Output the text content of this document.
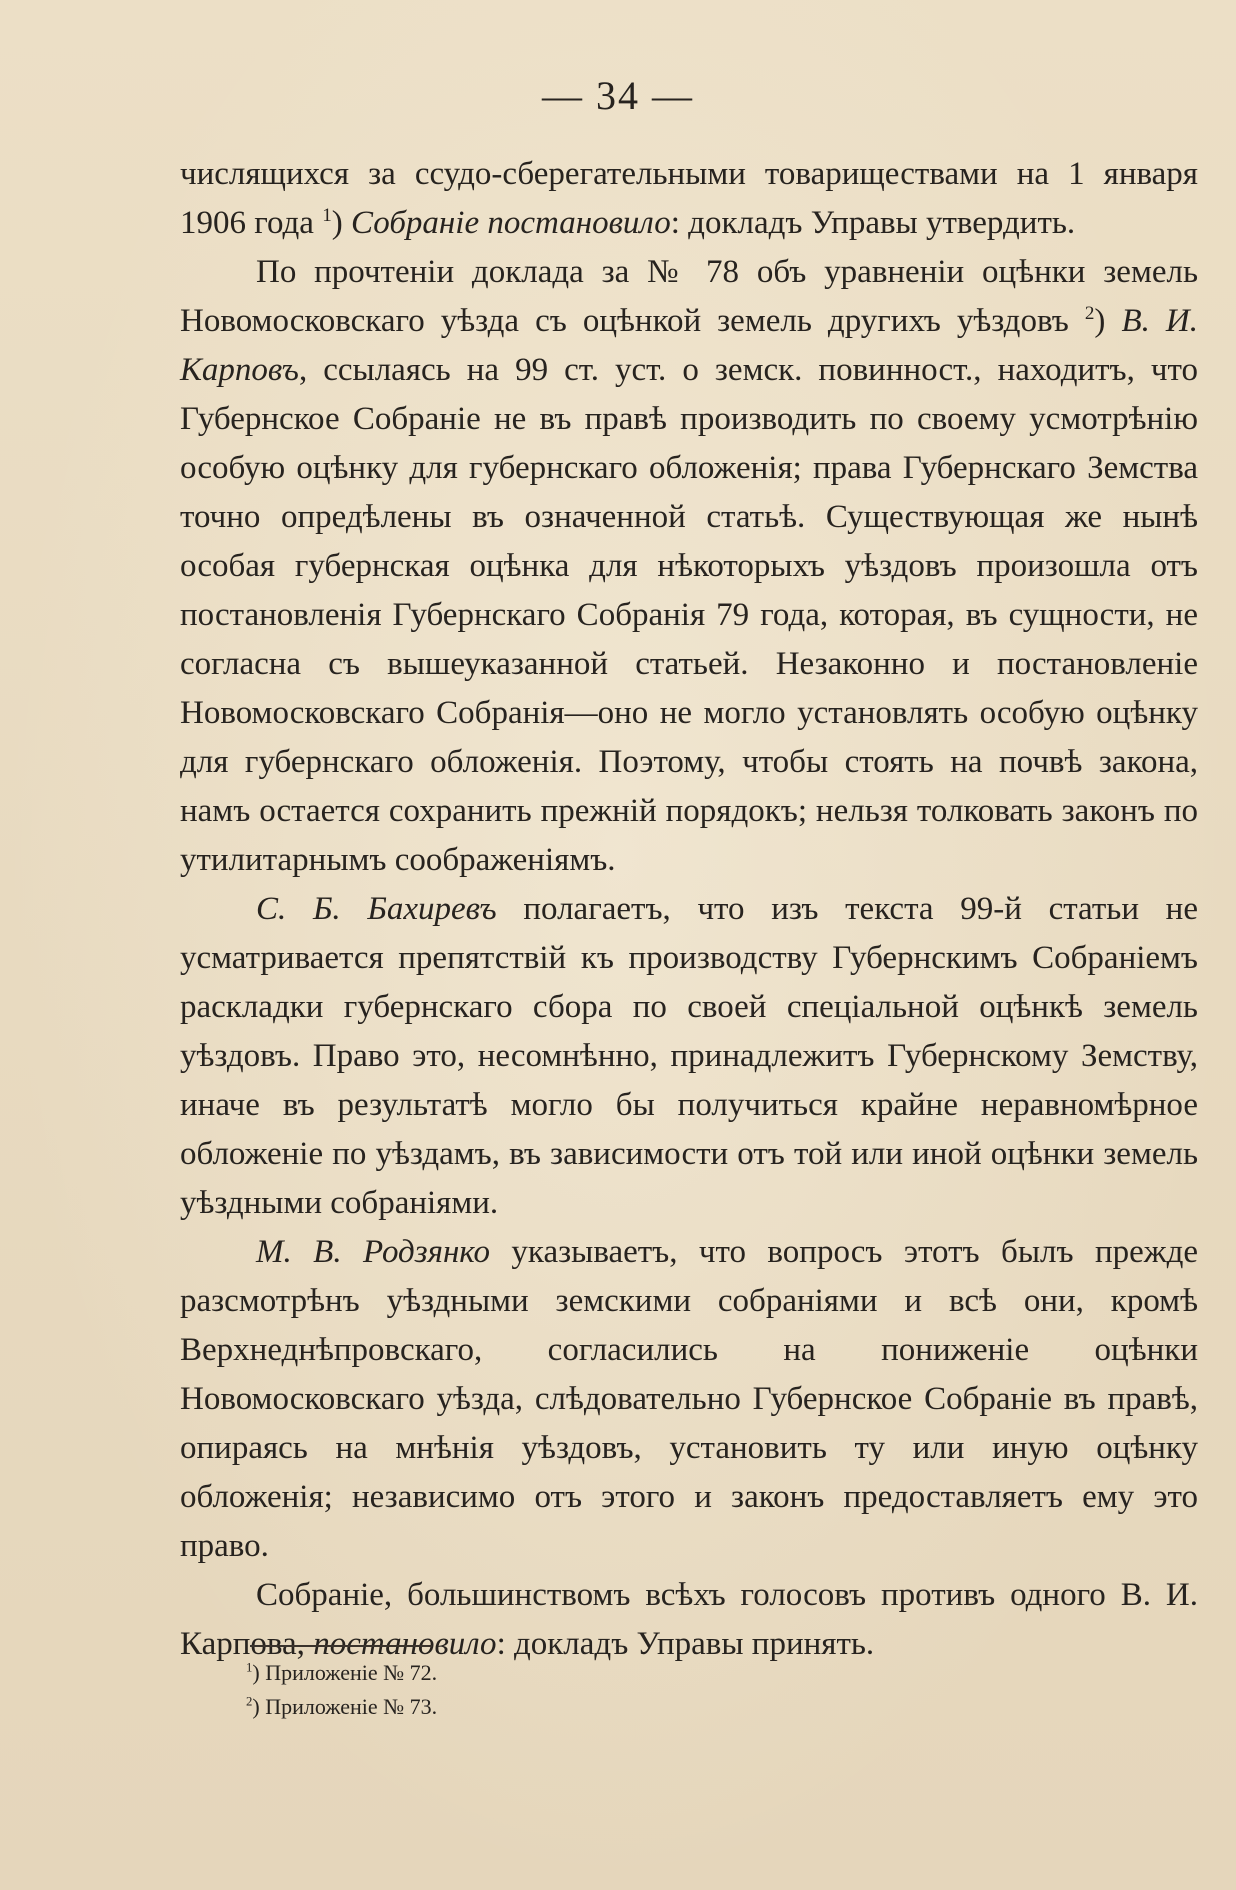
— 34 —

числящихся за ссудо-сберегательными товариществами на 1 января 1906 года $^1$) Собраніе постановило: докладъ Управы утвердить.

По прочтеніи доклада за № 78 объ уравненіи оцѣнки земель Новомосковскаго уѣзда съ оцѣнкой земель другихъ уѣздовъ $^2$) В. И. Карповъ, ссылаясь на 99 ст. уст. о земск. повинност., находитъ, что Губернское Собраніе не въ правѣ производить по своему усмотрѣнію особую оцѣнку для губернскаго обложенія; права Губернскаго Земства точно опредѣлены въ означенной статьѣ. Существующая же нынѣ особая губернская оцѣнка для нѣкоторыхъ уѣздовъ произошла отъ постановленія Губернскаго Собранія 79 года, которая, въ сущности, не согласна съ вышеуказанной статьей. Незаконно и постановленіе Новомосковскаго Собранія—оно не могло установлять особую оцѣнку для губернскаго обложенія. Поэтому, чтобы стоять на почвѣ закона, намъ остается сохранить прежній порядокъ; нельзя толковать законъ по утилитарнымъ соображеніямъ.

С. Б. Бахиревъ полагаетъ, что изъ текста 99-й статьи не усматривается препятствій къ производству Губернскимъ Собраніемъ раскладки губернскаго сбора по своей спеціальной оцѣнкѣ земель уѣздовъ. Право это, несомнѣнно, принадлежитъ Губернскому Земству, иначе въ результатѣ могло бы получиться крайне неравномѣрное обложеніе по уѣздамъ, въ зависимости отъ той или иной оцѣнки земель уѣздными собраніями.

М. В. Родзянко указываетъ, что вопросъ этотъ былъ прежде разсмотрѣнъ уѣздными земскими собраніями и всѣ они, кромѣ Верхнеднѣпровскаго, согласились на пониженіе оцѣнки Новомосковскаго уѣзда, слѣдовательно Губернское Собраніе въ правѣ, опираясь на мнѣнія уѣздовъ, установить ту или иную оцѣнку обложенія; независимо отъ этого и законъ предоставляетъ ему это право.

Собраніе, большинствомъ всѣхъ голосовъ противъ одного В. И. Карпова, постановило: докладъ Управы принять.

$^1$) Приложеніе № 72.
$^2$) Приложеніе № 73.
